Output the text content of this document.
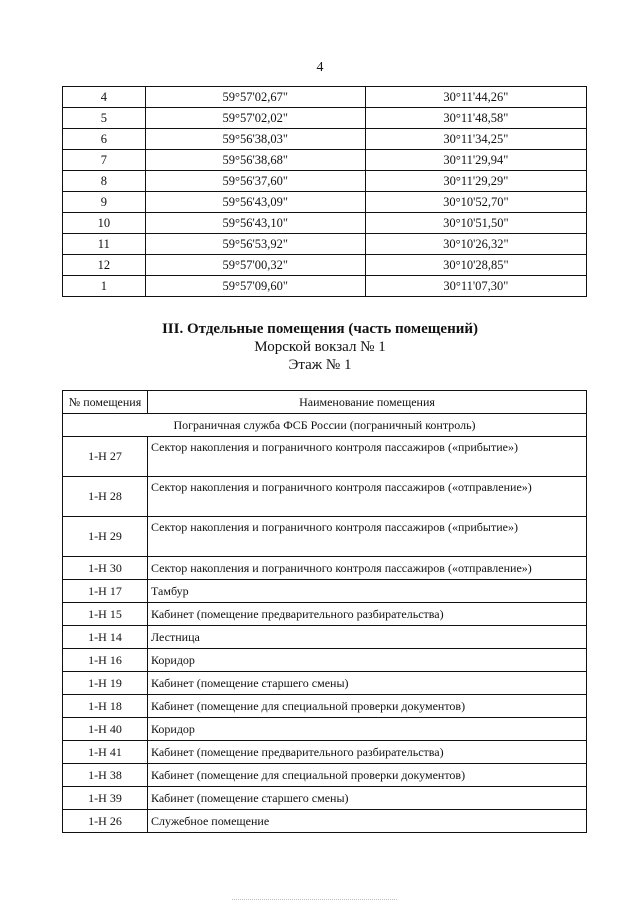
4
4	59°57'02,67"	30°11'44,26"
5	59°57'02,02"	30°11'48,58"
6	59°56'38,03"	30°11'34,25"
7	59°56'38,68"	30°11'29,94"
8	59°56'37,60"	30°11'29,29"
9	59°56'43,09"	30°10'52,70"
10	59°56'43,10"	30°10'51,50"
11	59°56'53,92"	30°10'26,32"
12	59°57'00,32"	30°10'28,85"
1	59°57'09,60"	30°11'07,30"
III. Отдельные помещения (часть помещений)
Морской вокзал № 1
Этаж № 1
№ помещения	Наименование помещения
Пограничная служба ФСБ России (пограничный контроль)	
1-Н 27	Сектор накопления и пограничного контроля пассажиров («прибытие»)
1-Н 28	Сектор накопления и пограничного контроля пассажиров («отправление»)
1-Н 29	Сектор накопления и пограничного контроля пассажиров («прибытие»)
1-Н 30	Сектор накопления и пограничного контроля пассажиров («отправление»)
1-Н 17	Тамбур
1-Н 15	Кабинет (помещение предварительного разбирательства)
1-Н 14	Лестница
1-Н 16	Коридор
1-Н 19	Кабинет (помещение старшего смены)
1-Н 18	Кабинет (помещение для специальной проверки документов)
1-Н 40	Коридор
1-Н 41	Кабинет (помещение предварительного разбирательства)
1-Н 38	Кабинет (помещение для специальной проверки документов)
1-Н 39	Кабинет (помещение старшего смены)
1-Н 26	Служебное помещение
